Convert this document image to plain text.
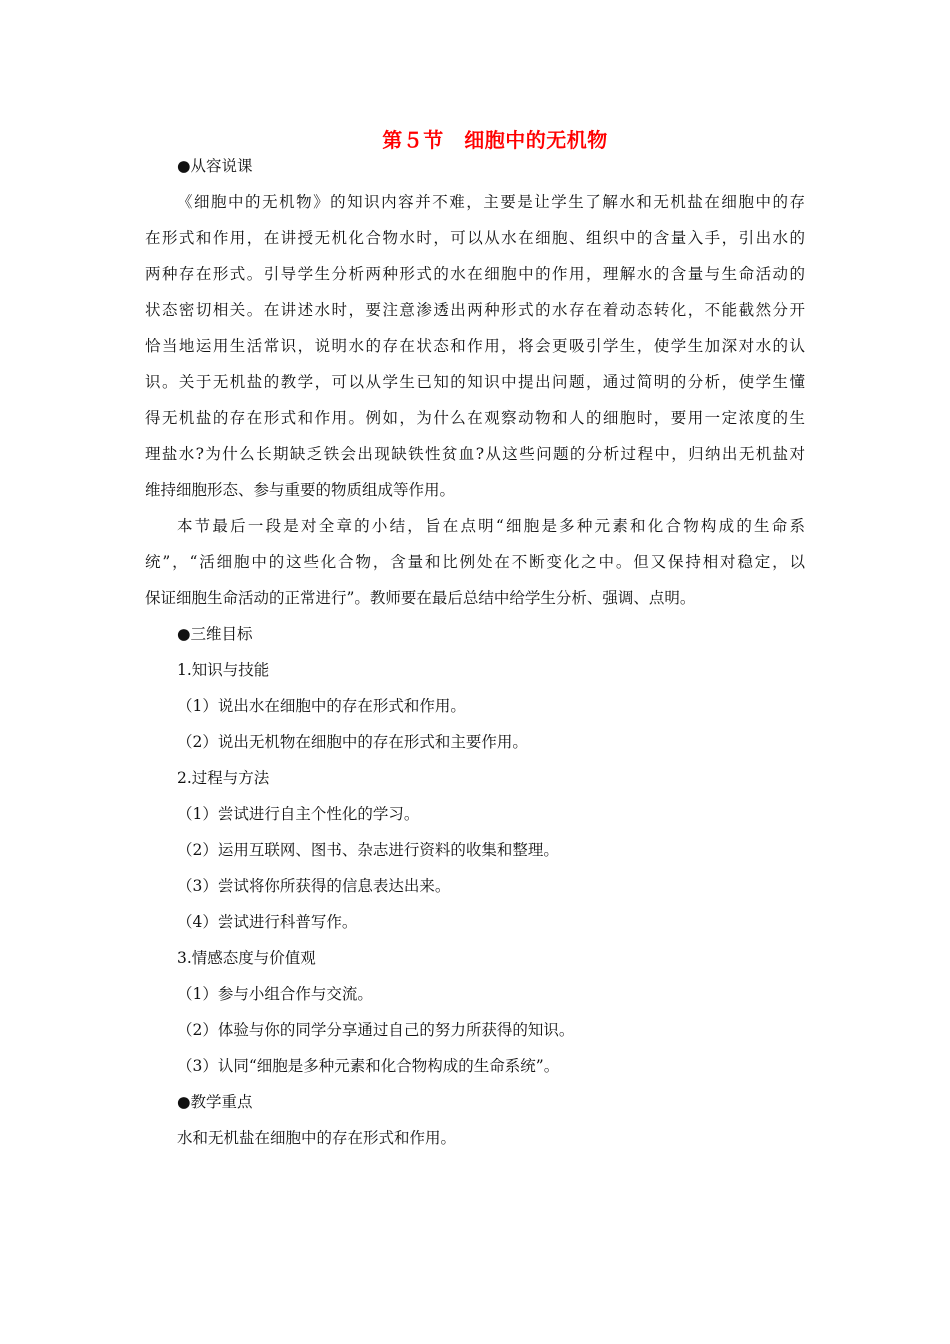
第５节　细胞中的无机物
●从容说课
《细胞中的无机物》的知识内容并不难，主要是让学生了解水和无机盐在细胞中的存
在形式和作用，在讲授无机化合物水时，可以从水在细胞、组织中的含量入手，引出水的
两种存在形式。引导学生分析两种形式的水在细胞中的作用，理解水的含量与生命活动的
状态密切相关。在讲述水时，要注意渗透出两种形式的水存在着动态转化，不能截然分开
恰当地运用生活常识，说明水的存在状态和作用，将会更吸引学生，使学生加深对水的认
识。关于无机盐的教学，可以从学生已知的知识中提出问题，通过简明的分析，使学生懂
得无机盐的存在形式和作用。例如，为什么在观察动物和人的细胞时，要用一定浓度的生
理盐水?为什么长期缺乏铁会出现缺铁性贫血?从这些问题的分析过程中，归纳出无机盐对
维持细胞形态、参与重要的物质组成等作用。
本节最后一段是对全章的小结，旨在点明“细胞是多种元素和化合物构成的生命系
统”，“活细胞中的这些化合物，含量和比例处在不断变化之中。但又保持相对稳定，以
保证细胞生命活动的正常进行”。教师要在最后总结中给学生分析、强调、点明。
●三维目标
1.知识与技能
（1）说出水在细胞中的存在形式和作用。
（2）说出无机物在细胞中的存在形式和主要作用。
2.过程与方法
（1）尝试进行自主个性化的学习。
（2）运用互联网、图书、杂志进行资料的收集和整理。
（3）尝试将你所获得的信息表达出来。
（4）尝试进行科普写作。
3.情感态度与价值观
（1）参与小组合作与交流。
（2）体验与你的同学分享通过自己的努力所获得的知识。
（3）认同“细胞是多种元素和化合物构成的生命系统”。
●教学重点
水和无机盐在细胞中的存在形式和作用。
